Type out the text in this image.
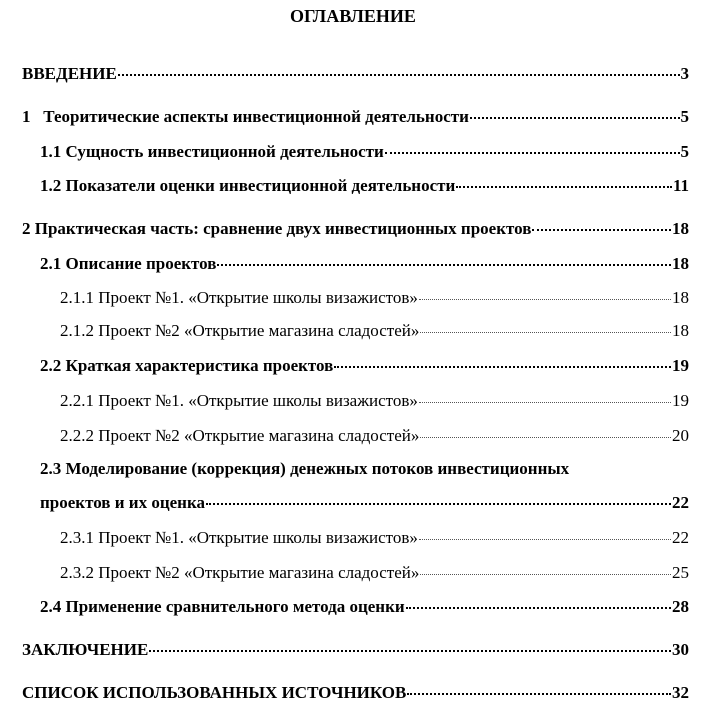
ОГЛАВЛЕНИЕ
ВВЕДЕНИЕ	3
1   Теоритические аспекты инвестиционной деятельности	5
1.1 Сущность инвестиционной деятельности	5
1.2 Показатели оценки инвестиционной деятельности	11
2 Практическая часть: сравнение двух инвестиционных проектов	18
2.1 Описание проектов	18
2.1.1 Проект №1. «Открытие школы визажистов»	18
2.1.2 Проект №2 «Открытие магазина сладостей»	18
2.2 Краткая характеристика проектов	19
2.2.1 Проект №1. «Открытие школы визажистов»	19
2.2.2 Проект №2 «Открытие магазина сладостей»	20
2.3 Моделирование (коррекция) денежных потоков инвестиционных
проектов и их оценка	22
2.3.1 Проект №1. «Открытие школы визажистов»	22
2.3.2 Проект №2 «Открытие магазина сладостей»	25
2.4 Применение сравнительного метода оценки	28
ЗАКЛЮЧЕНИЕ	30
СПИСОК ИСПОЛЬЗОВАННЫХ ИСТОЧНИКОВ	32
